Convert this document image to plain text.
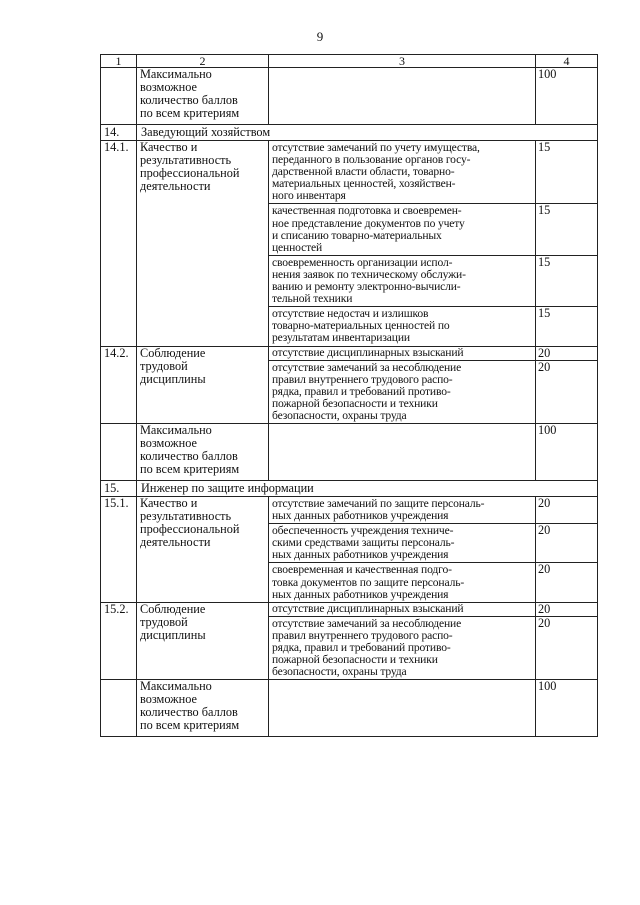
9
1	2	3	4
	Максимально
возможное
количество баллов
по всем критериям		100
14.	Заведующий хозяйством		
14.1.	Качество и
результативность
профессиональной
деятельности	отсутствие замечаний по учету имущества,
переданного в пользование органов госу-
дарственной власти области, товарно-
материальных ценностей, хозяйствен-
ного инвентаря	15
		качественная подготовка и своевремен-
ное представление документов по учету
и списанию товарно-материальных
ценностей	15
		своевременность организации испол-
нения заявок по техническому обслужи-
ванию и ремонту электронно-вычисли-
тельной техники	15
		отсутствие недостач и излишков
товарно-материальных ценностей по
результатам инвентаризации	15
14.2.	Соблюдение
трудовой
дисциплины	отсутствие дисциплинарных взысканий	20
		отсутствие замечаний за несоблюдение
правил внутреннего трудового распо-
рядка, правил и требований противо-
пожарной безопасности и техники
безопасности, охраны труда	20
	Максимально
возможное
количество баллов
по всем критериям		100
15.	Инженер по защите информации		
15.1.	Качество и
результативность
профессиональной
деятельности	отсутствие замечаний по защите персональ-
ных данных работников учреждения	20
		обеспеченность учреждения техниче-
скими средствами защиты персональ-
ных данных работников учреждения	20
		своевременная и качественная подго-
товка документов по защите персональ-
ных данных работников учреждения	20
15.2.	Соблюдение
трудовой
дисциплины	отсутствие дисциплинарных взысканий	20
		отсутствие замечаний за несоблюдение
правил внутреннего трудового распо-
рядка, правил и требований противо-
пожарной безопасности и техники
безопасности, охраны труда	20
	Максимально
возможное
количество баллов
по всем критериям		100
